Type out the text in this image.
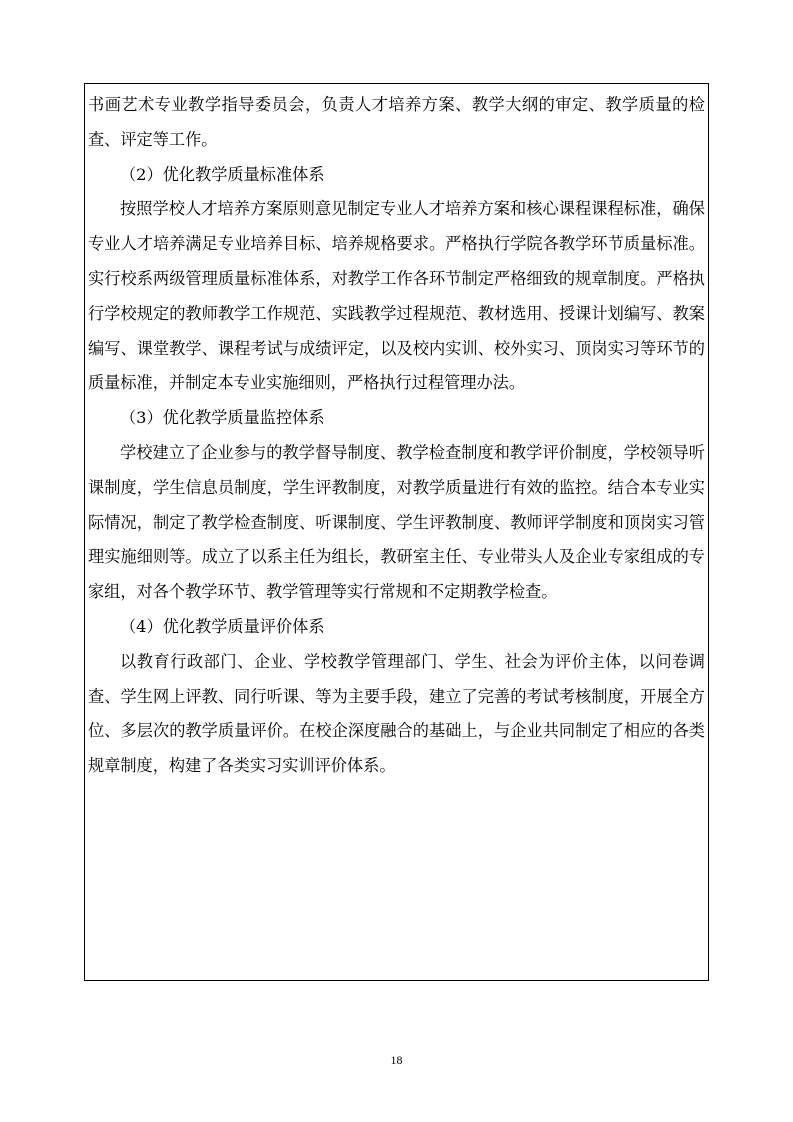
书画艺术专业教学指导委员会，负责人才培养方案、教学大纲的审定、教学质量的检
查、评定等工作。
（2）优化教学质量标准体系
按照学校人才培养方案原则意见制定专业人才培养方案和核心课程课程标准，确保
专业人才培养满足专业培养目标、培养规格要求。严格执行学院各教学环节质量标准。
实行校系两级管理质量标准体系，对教学工作各环节制定严格细致的规章制度。严格执
行学校规定的教师教学工作规范、实践教学过程规范、教材选用、授课计划编写、教案
编写、课堂教学、课程考试与成绩评定，以及校内实训、校外实习、顶岗实习等环节的
质量标准，并制定本专业实施细则，严格执行过程管理办法。
（3）优化教学质量监控体系
学校建立了企业参与的教学督导制度、教学检查制度和教学评价制度，学校领导听
课制度，学生信息员制度，学生评教制度，对教学质量进行有效的监控。结合本专业实
际情况，制定了教学检查制度、听课制度、学生评教制度、教师评学制度和顶岗实习管
理实施细则等。成立了以系主任为组长，教研室主任、专业带头人及企业专家组成的专
家组，对各个教学环节、教学管理等实行常规和不定期教学检查。
（4）优化教学质量评价体系
以教育行政部门、企业、学校教学管理部门、学生、社会为评价主体，以问卷调
查、学生网上评教、同行听课、等为主要手段，建立了完善的考试考核制度，开展全方
位、多层次的教学质量评价。在校企深度融合的基础上，与企业共同制定了相应的各类
规章制度，构建了各类实习实训评价体系。
18
